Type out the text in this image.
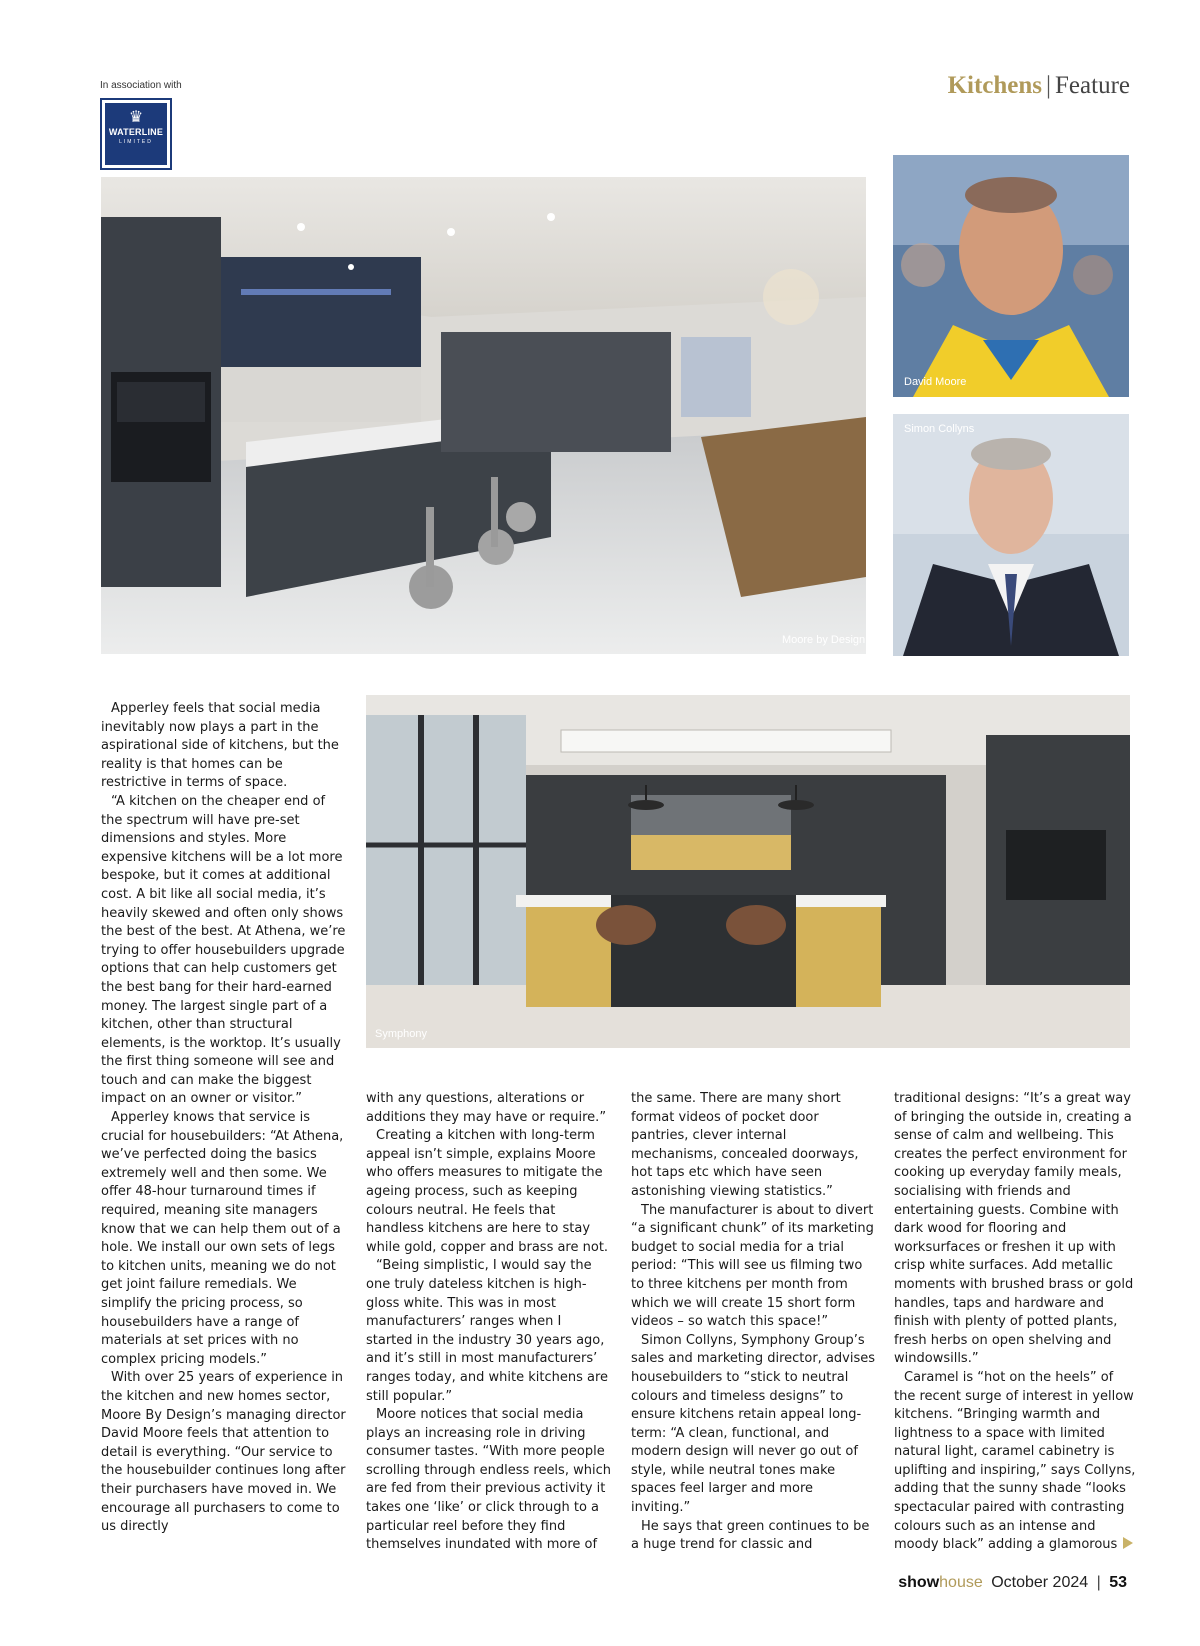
In association with
♛
WATERLINE
LIMITED
Kitchens | Feature
Moore by Design
David Moore
Simon Collyns
Symphony

Apperley feels that social media inevitably now plays a part in the aspirational side of kitchens, but the reality is that homes can be restrictive in terms of space.

“A kitchen on the cheaper end of the spectrum will have pre-set dimensions and styles. More expensive kitchens will be a lot more bespoke, but it comes at additional cost. A bit like all social media, it’s heavily skewed and often only shows the best of the best. At Athena, we’re trying to offer housebuilders upgrade options that can help customers get the best bang for their hard-earned money. The largest single part of a kitchen, other than structural elements, is the worktop. It’s usually the first thing someone will see and touch and can make the biggest impact on an owner or visitor.”

Apperley knows that service is crucial for housebuilders: “At Athena, we’ve perfected doing the basics extremely well and then some. We offer 48-hour turnaround times if required, meaning site managers know that we can help them out of a hole. We install our own sets of legs to kitchen units, meaning we do not get joint failure remedials. We simplify the pricing process, so housebuilders have a range of materials at set prices with no complex pricing models.”

With over 25 years of experience in the kitchen and new homes sector, Moore By Design’s managing director David Moore feels that attention to detail is everything. “Our service to the housebuilder continues long after their purchasers have moved in. We encourage all purchasers to come to us directly

with any questions, alterations or additions they may have or require.”

Creating a kitchen with long-term appeal isn’t simple, explains Moore who offers measures to mitigate the ageing process, such as keeping colours neutral. He feels that handless kitchens are here to stay while gold, copper and brass are not.

“Being simplistic, I would say the one truly dateless kitchen is high-gloss white. This was in most manufacturers’ ranges when I started in the industry 30 years ago, and it’s still in most manufacturers’ ranges today, and white kitchens are still popular.”

Moore notices that social media plays an increasing role in driving consumer tastes. “With more people scrolling through endless reels, which are fed from their previous activity it takes one ‘like’ or click through to a particular reel before they find themselves inundated with more of

the same. There are many short format videos of pocket door pantries, clever internal mechanisms, concealed doorways, hot taps etc which have seen astonishing viewing statistics.”

The manufacturer is about to divert “a significant chunk” of its marketing budget to social media for a trial period: “This will see us filming two to three kitchens per month from which we will create 15 short form videos – so watch this space!”

Simon Collyns, Symphony Group’s sales and marketing director, advises housebuilders to “stick to neutral colours and timeless designs” to ensure kitchens retain appeal long-term: “A clean, functional, and modern design will never go out of style, while neutral tones make spaces feel larger and more inviting.”

He says that green continues to be a huge trend for classic and

traditional designs: “It’s a great way of bringing the outside in, creating a sense of calm and wellbeing. This creates the perfect environment for cooking up everyday family meals, socialising with friends and entertaining guests. Combine with dark wood for flooring and worksurfaces or freshen it up with crisp white surfaces. Add metallic moments with brushed brass or gold handles, taps and hardware and finish with plenty of potted plants, fresh herbs on open shelving and windowsills.”

Caramel is “hot on the heels” of the recent surge of interest in yellow kitchens. “Bringing warmth and lightness to a space with limited natural light, caramel cabinetry is uplifting and inspiring,” says Collyns, adding that the sunny shade “looks spectacular paired with contrasting colours such as an intense and moody black” adding a glamorous

showhouse October 2024 | 53
